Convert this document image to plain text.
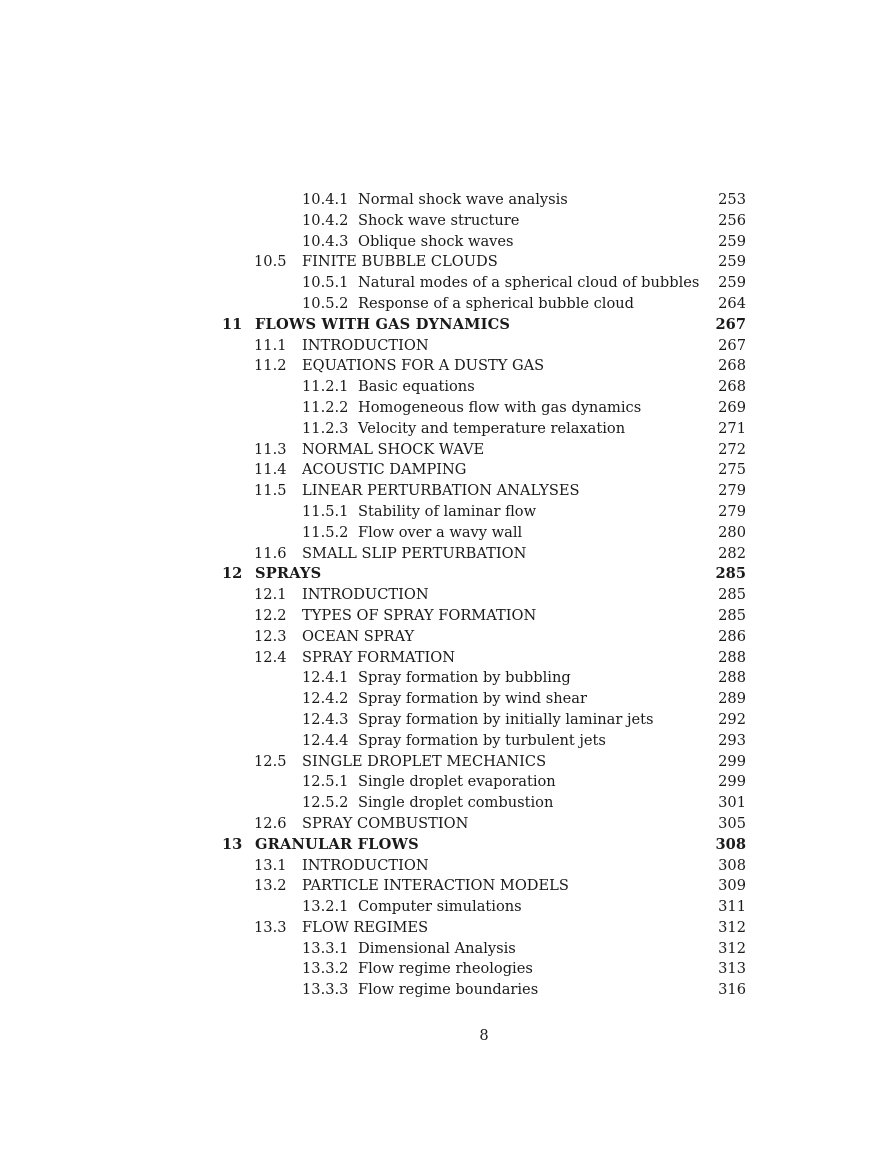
10.4.1 Normal shock wave analysis	253
10.4.2 Shock wave structure	256
10.4.3 Oblique shock waves	259
10.5 FINITE BUBBLE CLOUDS	259
10.5.1 Natural modes of a spherical cloud of bubbles 259
10.5.2 Response of a spherical bubble cloud	264
11 FLOWS WITH GAS DYNAMICS	267
11.1 INTRODUCTION	267
11.2 EQUATIONS FOR A DUSTY GAS	268
11.2.1 Basic equations	268
11.2.2 Homogeneous flow with gas dynamics	269
11.2.3 Velocity and temperature relaxation	271
11.3 NORMAL SHOCK WAVE	272
11.4 ACOUSTIC DAMPING	275
11.5 LINEAR PERTURBATION ANALYSES	279
11.5.1 Stability of laminar flow	279
11.5.2 Flow over a wavy wall	280
11.6 SMALL SLIP PERTURBATION	282
12 SPRAYS	285
12.1 INTRODUCTION	285
12.2 TYPES OF SPRAY FORMATION	285
12.3 OCEAN SPRAY	286
12.4 SPRAY FORMATION	288
12.4.1 Spray formation by bubbling	288
12.4.2 Spray formation by wind shear	289
12.4.3 Spray formation by initially laminar jets	292
12.4.4 Spray formation by turbulent jets	293
12.5 SINGLE DROPLET MECHANICS	299
12.5.1 Single droplet evaporation	299
12.5.2 Single droplet combustion	301
12.6 SPRAY COMBUSTION	305
13 GRANULAR FLOWS	308
13.1 INTRODUCTION	308
13.2 PARTICLE INTERACTION MODELS	309
13.2.1 Computer simulations	311
13.3 FLOW REGIMES	312
13.3.1 Dimensional Analysis	312
13.3.2 Flow regime rheologies	313
13.3.3 Flow regime boundaries	316
8
